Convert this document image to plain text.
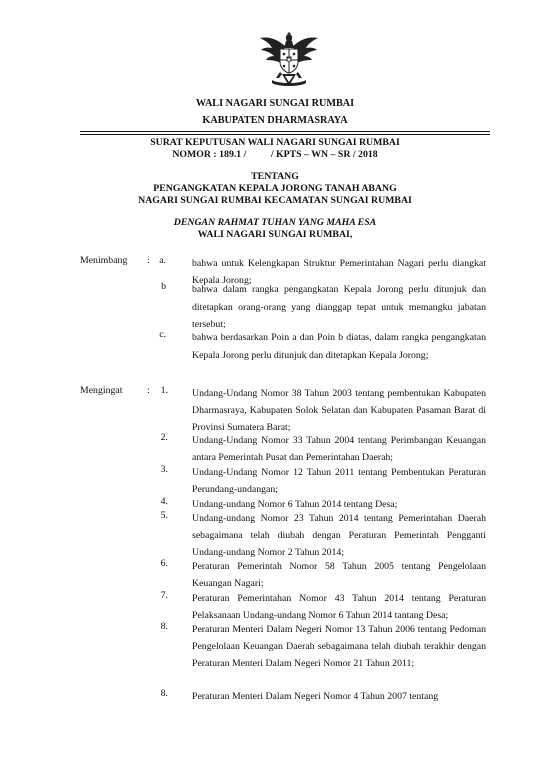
WALI NAGARI SUNGAI RUMBAI
KABUPATEN DHARMASRAYA
SURAT KEPUTUSAN WALI NAGARI SUNGAI RUMBAI
NOMOR : 189.1 /          / KPTS – WN – SR / 2018
TENTANG
PENGANGKATAN KEPALA JORONG TANAH ABANG
NAGARI SUNGAI RUMBAI KECAMATAN SUNGAI RUMBAI
DENGAN RAHMAT TUHAN YANG MAHA ESA
WALI NAGARI SUNGAI RUMBAI,
Menimbang : a.	bahwa untuk Kelengkapan Struktur Pemerintahan Nagari perlu diangkat Kepala Jorong;
b	bahwa dalam rangka pengangkatan Kepala Jorong perlu ditunjuk dan ditetapkan orang-orang yang dianggap tepat untuk memangku jabatan tersebut;
c.	bahwa berdasarkan Poin a dan Poin b diatas, dalam rangka pengangkatan Kepala Jorong perlu ditunjuk dan ditetapkan Kepala Jorong;
Mengingat	:	1. Undang-Undang Nomor 38 Tahun 2003 tentang pembentukan Kabupaten Dharmasraya, Kabupaten Solok Selatan dan Kabupaten Pasaman Barat di Provinsi Sumatera Barat;
2. Undang-Undang Nomor 33 Tahun 2004 tentang Perimbangan Keuangan antara Pemerintah Pusat dan Pemerintahan Daerah;
3. Undang-Undang Nomor 12 Tahun 2011 tentang Pembentukan Peraturan Perundang-undangan;
4. Undang-undang Nomor 6 Tahun 2014 tentang Desa;
5. Undang-undang Nomor 23 Tahun 2014 tentang Pemerintahan Daerah sebagaimana telah diubah dengan Peraturan Pemerintah Pengganti Undang-undang Nomor 2 Tahun 2014;
6. Peraturan Pemerintah Nomor 58 Tahun 2005 tentang Pengelolaan Keuangan Nagari;
7. Peraturan Pemerintahan Nomor 43 Tahun 2014 tentang Peraturan Pelaksanaan Undang-undang Nomor 6 Tahun 2014 tantang Desa;
8. Peraturan Menteri Dalam Negeri Nomor 13 Tahun 2006 tentang Pedoman Pengelolaan Keuangan Daerah sebagaimana telah diubah terakhir dengan Peraturan Menteri Dalam Negeri Nomor 21 Tahun 2011;
8. Peraturan Menteri Dalam Negeri Nomor 4 Tahun 2007 tentang
